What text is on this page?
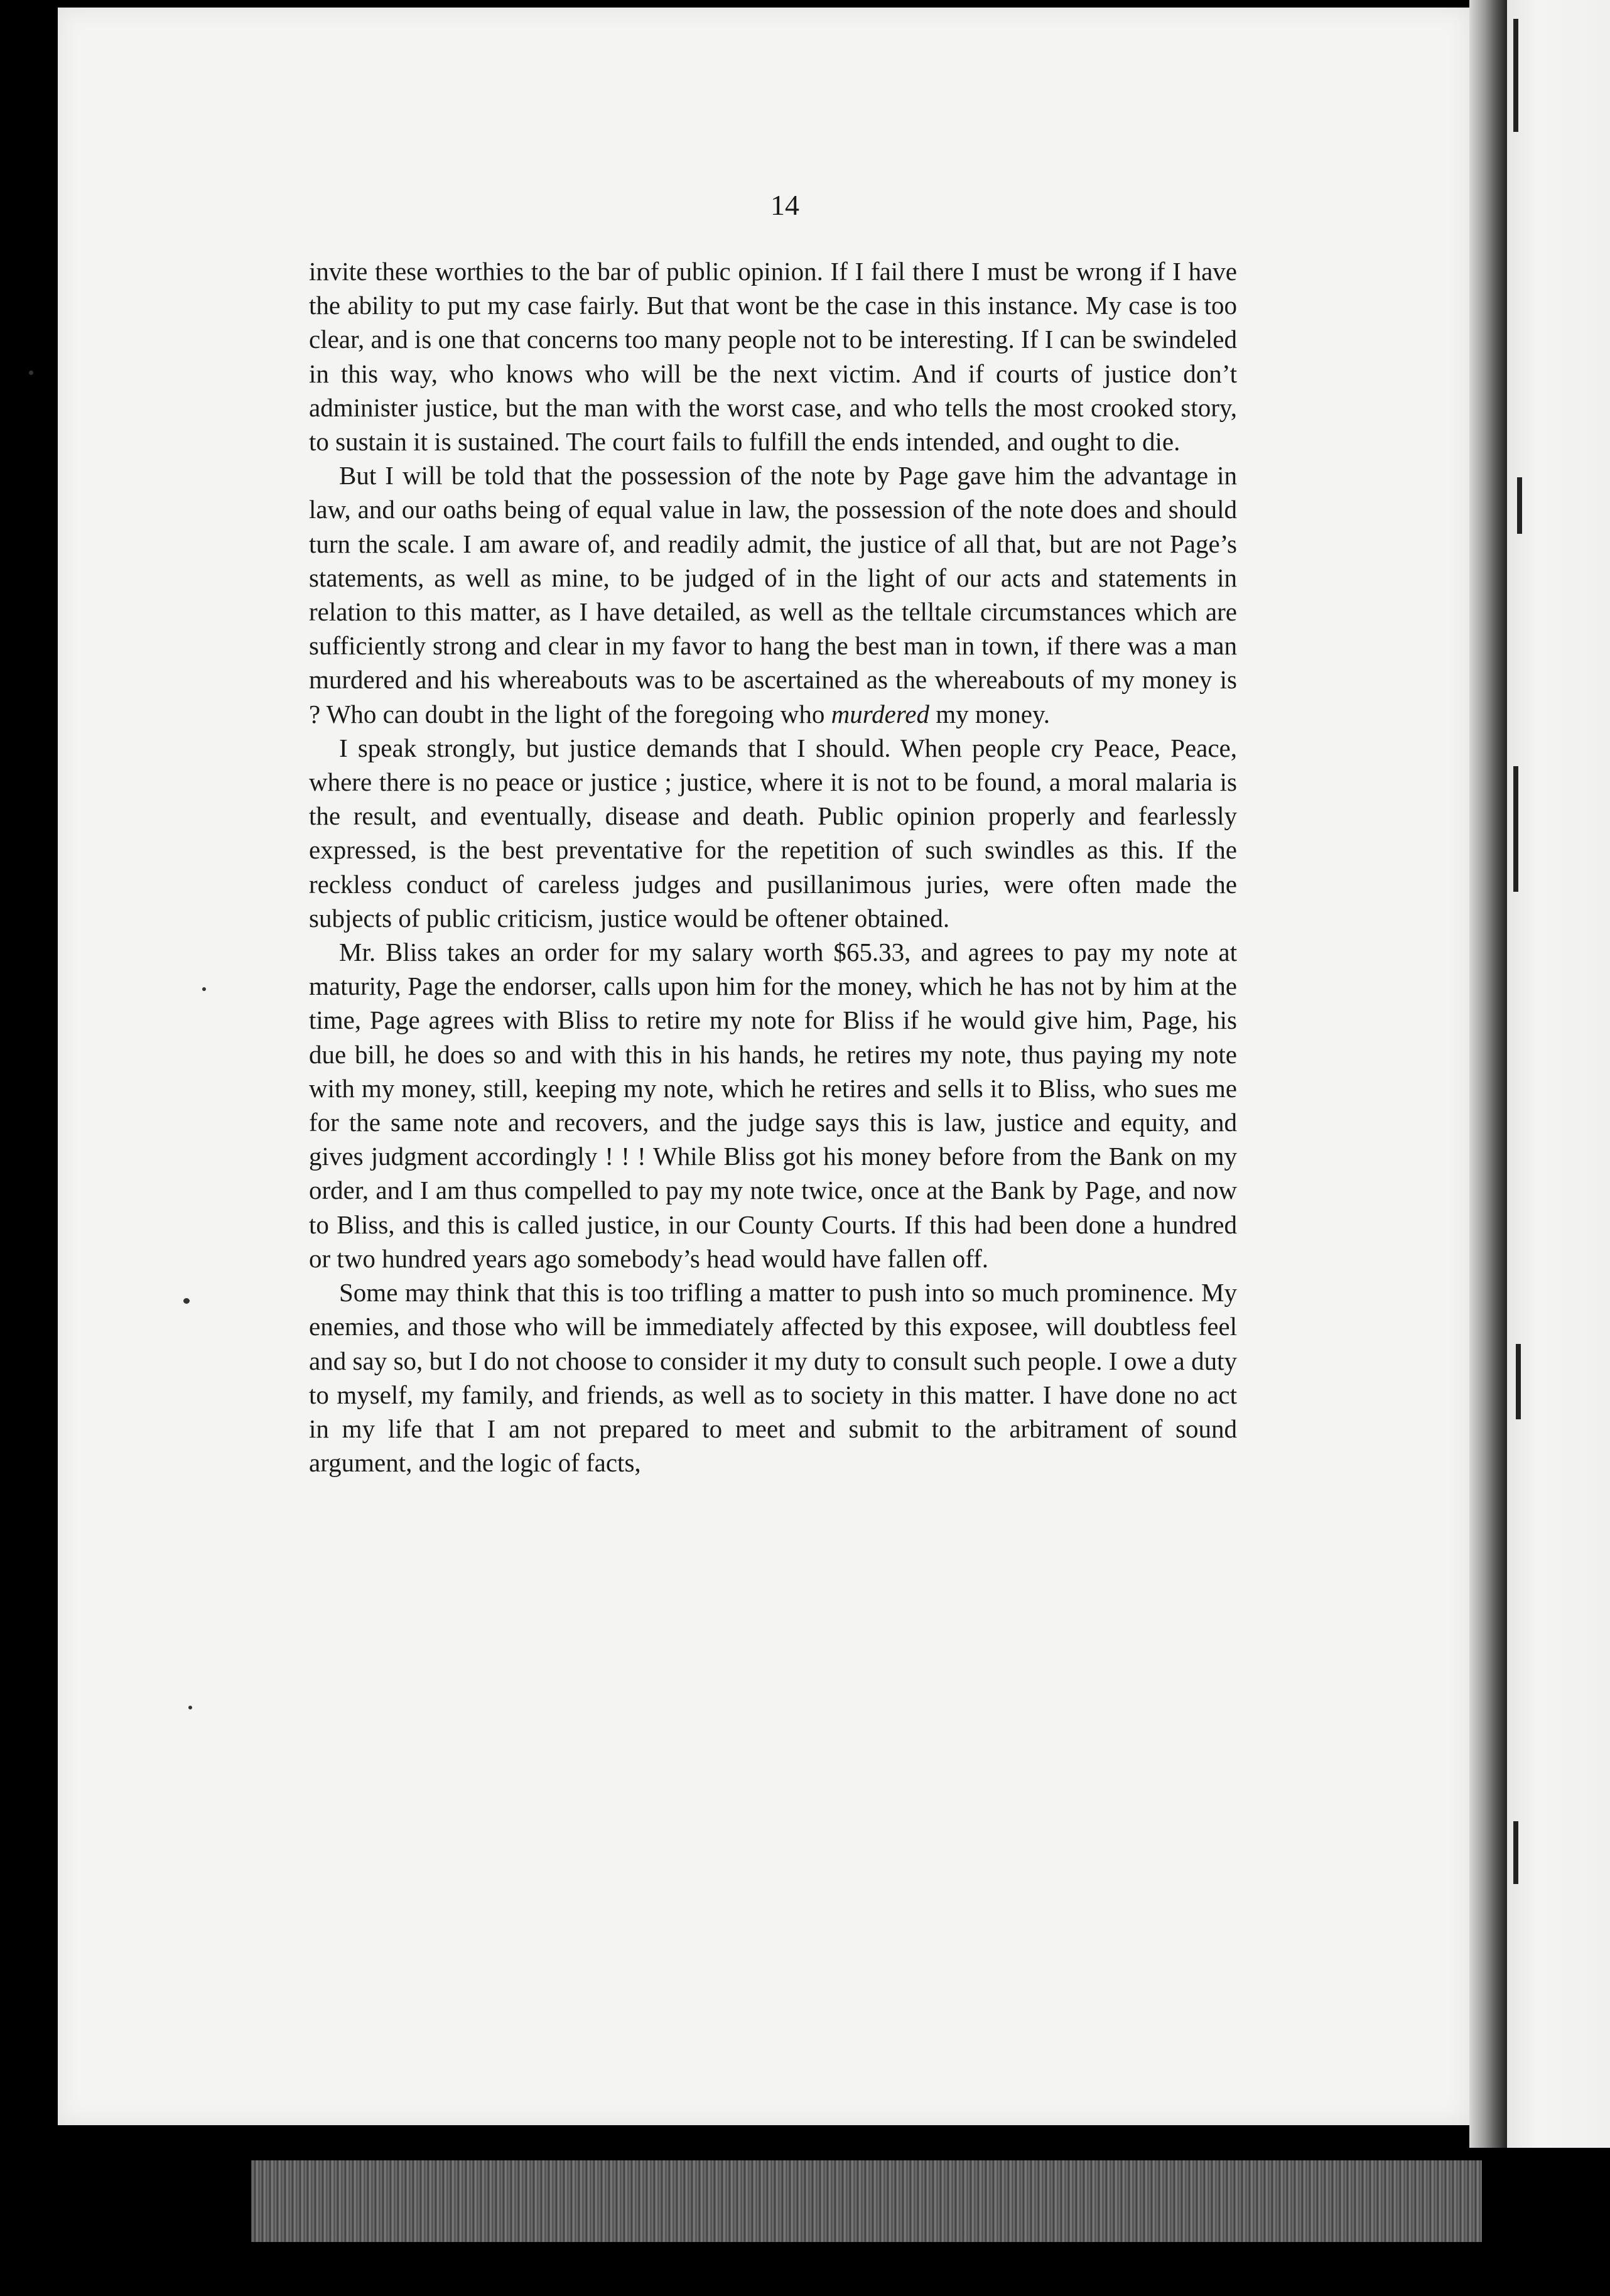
14

invite these worthies to the bar of public opinion. If I fail there I must be wrong if I have the ability to put my case fairly. But that wont be the case in this instance. My case is too clear, and is one that concerns too many people not to be interesting. If I can be swindeled in this way, who knows who will be the next victim. And if courts of justice don’t administer justice, but the man with the worst case, and who tells the most crooked story, to sustain it is sustained. The court fails to fulfill the ends intended, and ought to die.

But I will be told that the possession of the note by Page gave him the advantage in law, and our oaths being of equal value in law, the possession of the note does and should turn the scale. I am aware of, and readily admit, the justice of all that, but are not Page’s statements, as well as mine, to be judged of in the light of our acts and statements in relation to this matter, as I have detailed, as well as the telltale circumstances which are sufficiently strong and clear in my favor to hang the best man in town, if there was a man murdered and his whereabouts was to be ascertained as the whereabouts of my money is ? Who can doubt in the light of the foregoing who murdered my money.

I speak strongly, but justice demands that I should. When people cry Peace, Peace, where there is no peace or justice ; justice, where it is not to be found, a moral malaria is the result, and eventually, disease and death. Public opinion properly and fearlessly expressed, is the best preventative for the repetition of such swindles as this. If the reckless conduct of careless judges and pusillanimous juries, were often made the subjects of public criticism, justice would be oftener obtained.

Mr. Bliss takes an order for my salary worth $65.33, and agrees to pay my note at maturity, Page the endorser, calls upon him for the money, which he has not by him at the time, Page agrees with Bliss to retire my note for Bliss if he would give him, Page, his due bill, he does so and with this in his hands, he retires my note, thus paying my note with my money, still, keeping my note, which he retires and sells it to Bliss, who sues me for the same note and recovers, and the judge says this is law, justice and equity, and gives judgment accordingly ! ! ! While Bliss got his money before from the Bank on my order, and I am thus compelled to pay my note twice, once at the Bank by Page, and now to Bliss, and this is called justice, in our County Courts. If this had been done a hundred or two hundred years ago somebody’s head would have fallen off.

Some may think that this is too trifling a matter to push into so much prominence. My enemies, and those who will be immediately affected by this exposee, will doubtless feel and say so, but I do not choose to consider it my duty to consult such people. I owe a duty to myself, my family, and friends, as well as to society in this matter. I have done no act in my life that I am not prepared to meet and submit to the arbitrament of sound argument, and the logic of facts,
